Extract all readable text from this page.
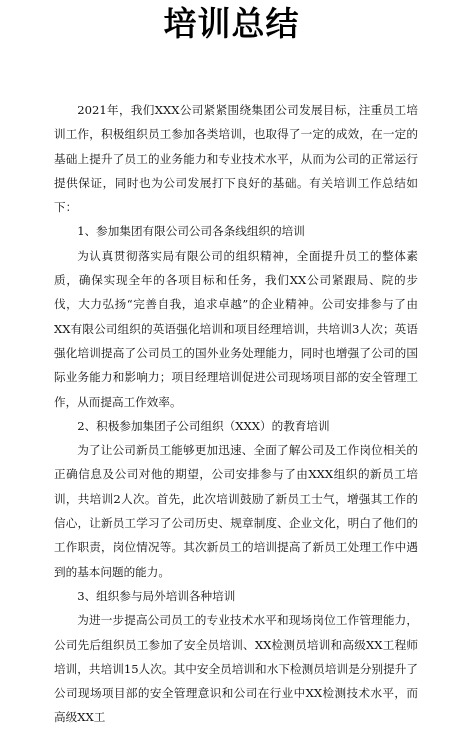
培训总结

2021年，我们XXX公司紧紧围绕集团公司发展目标，注重员工培训工作，积极组织员工参加各类培训，也取得了一定的成效，在一定的基础上提升了员工的业务能力和专业技术水平，从而为公司的正常运行提供保证，同时也为公司发展打下良好的基础。有关培训工作总结如下：

1、参加集团有限公司公司各条线组织的培训

为认真贯彻落实局有限公司的组织精神，全面提升员工的整体素质，确保实现全年的各项目标和任务，我们XX公司紧跟局、院的步伐，大力弘扬“完善自我，追求卓越”的企业精神。公司安排参与了由XX有限公司组织的英语强化培训和项目经理培训，共培训3人次；英语强化培训提高了公司员工的国外业务处理能力，同时也增强了公司的国际业务能力和影响力；项目经理培训促进公司现场项目部的安全管理工作，从而提高工作效率。

2、积极参加集团子公司组织（XXX）的教育培训

为了让公司新员工能够更加迅速、全面了解公司及工作岗位相关的正确信息及公司对他的期望，公司安排参与了由XXX组织的新员工培训，共培训2人次。首先，此次培训鼓励了新员工士气，增强其工作的信心，让新员工学习了公司历史、规章制度、企业文化，明白了他们的工作职责，岗位情况等。其次新员工的培训提高了新员工处理工作中遇到的基本问题的能力。

3、组织参与局外培训各种培训

为进一步提高公司员工的专业技术水平和现场岗位工作管理能力，公司先后组织员工参加了安全员培训、XX检测员培训和高级XX工程师培训，共培训15人次。其中安全员培训和水下检测员培训是分别提升了公司现场项目部的安全管理意识和公司在行业中XX检测技术水平，而高级XX工
